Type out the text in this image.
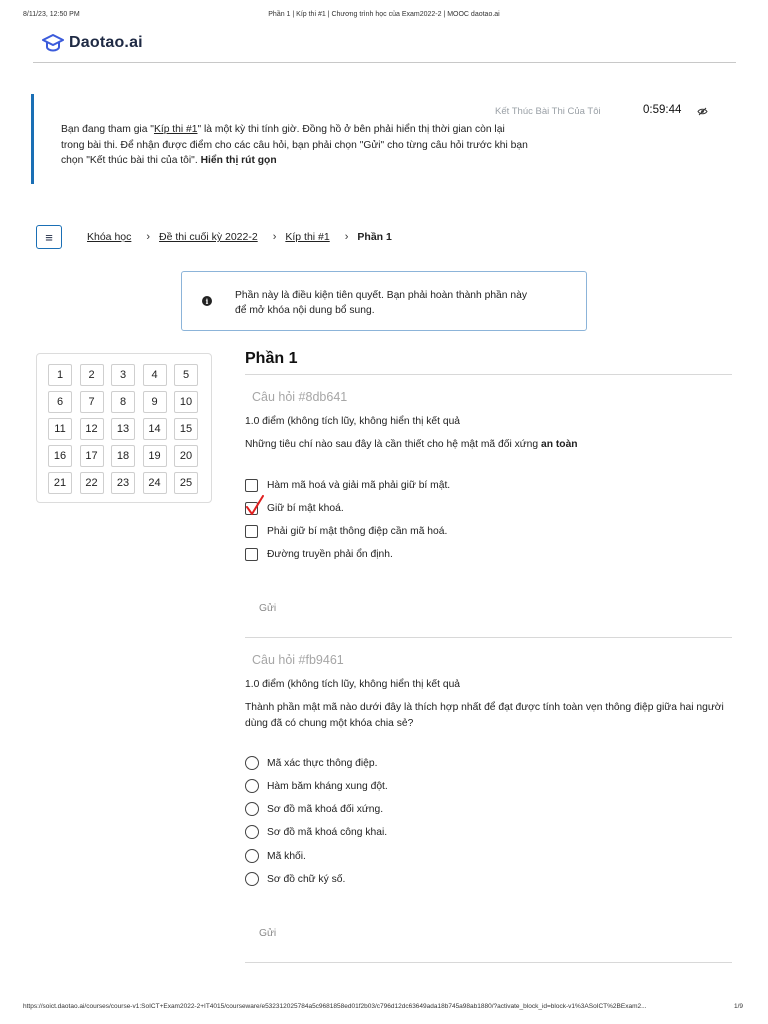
8/11/23, 12:50 PM	Phần 1 | Kíp thi #1 | Chương trình học của Exam2022-2 | MOOC daotao.ai
Daotao.ai
Bạn đang tham gia "Kíp thi #1" là một kỳ thi tính giờ. Đồng hồ ở bên phải hiển thị thời gian còn lại trong bài thi. Để nhận được điểm cho các câu hỏi, bạn phải chọn "Gửi" cho từng câu hỏi trước khi bạn chọn "Kết thúc bài thi của tôi". Hiển thị rút gọn
Kết Thúc Bài Thi Của Tôi	0:59:44
≡	Khóa học › Đề thi cuối kỳ 2022-2 › Kíp thi #1 › Phần 1
i	Phần này là điều kiện tiên quyết. Bạn phải hoàn thành phần này để mở khóa nội dung bổ sung.
1	2	3	4	5
6	7	8	9	10
11	12	13	14	15
16	17	18	19	20
21	22	23	24	25
Phần 1
Câu hỏi #8db641
1.0 điểm (không tích lũy, không hiển thị kết quả
Những tiêu chí nào sau đây là cần thiết cho hệ mật mã đối xứng an toàn
Hàm mã hoá và giải mã phải giữ bí mật.
Giữ bí mật khoá.
Phải giữ bí mật thông điệp cần mã hoá.
Đường truyền phải ổn định.
Gửi
Câu hỏi #fb9461
1.0 điểm (không tích lũy, không hiển thị kết quả
Thành phần mật mã nào dưới đây là thích hợp nhất để đạt được tính toàn vẹn thông điệp giữa hai người dùng đã có chung một khóa chia sẻ?
Mã xác thực thông điệp.
Hàm băm kháng xung đột.
Sơ đồ mã khoá đối xứng.
Sơ đồ mã khoá công khai.
Mã khối.
Sơ đồ chữ ký số.
Gửi
https://soict.daotao.ai/courses/course-v1:SoICT+Exam2022-2+IT4015/courseware/e532312025784a5c9681858ed01f2b03/c796d12dc63649ada18b745a98ab1880/?activate_block_id=block-v1%3ASoICT%2BExam2...	1/9
